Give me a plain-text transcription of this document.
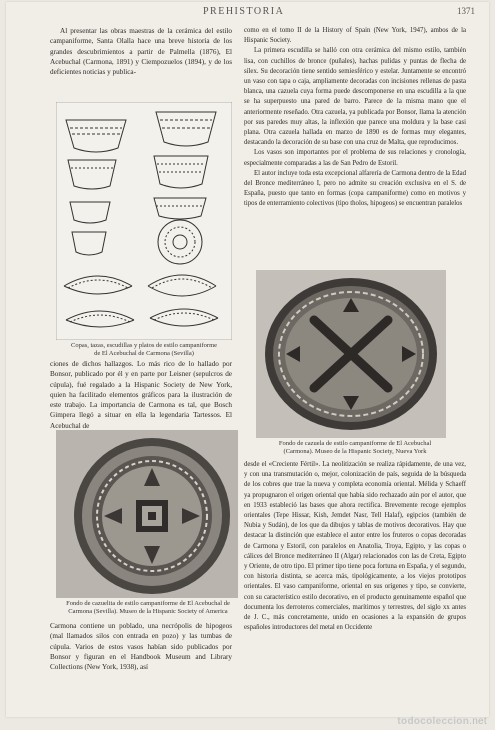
PREHISTORIA	1371

Al presentar las obras maestras de la cerámica del estilo campaniforme, Santa Olalla hace una breve historia de los grandes descubrimientos a partir de Palmella (1876), El Acebuchal (Carmona, 1891) y Ciempozuelos (1894), y de los deficientes noticias y publica-

Copas, tazas, escudillas y platos de estilo campaniforme
de El Acebuchal de Carmona (Sevilla)

ciones de dichos hallazgos. Lo más rico de lo hallado por Bonsor, publicado por él y en parte por Leisner (sepulcros de cúpula), fué regalado a la Hispanic Society de New York, quien ha facilitado elementos gráficos para la ilustración de este trabajo. La importancia de Carmona es tal, que Bosch Gimpera llegó a situar en ella la legendaria Tartessos. El Acebuchal de

Fondo de cazuelita de estilo campaniforme de El Acebuchal de
Carmona (Sevilla). Museo de la Hispanic Society of America

Carmona contiene un poblado, una necrópolis de hipogeos (mal llamados silos con entrada en pozo) y las tumbas de cúpula. Varios de estos vasos habían sido publicados por Bonsor y figuran en el Handbook Museum and Library Collections (New York, 1938), así

como en el tomo II de la History of Spain (New York, 1947), ambos de la Hispanic Society.

La primera escudilla se halló con otra cerámica del mismo estilo, también lisa, con cuchillos de bronce (puñales), hachas pulidas y puntas de flecha de sílex. Su decoración tiene sentido semiesférico y estelar. Juntamente se encontró un vaso con tapa o caja, ampliamente decoradas con incisiones rellenas de pasta blanca, una cazuela cuya forma puede descomponerse en una escudilla a la que se ha superpuesto una pared de barro. Parece de la misma mano que el anteriormente reseñado. Otra cazuela, ya publicada por Bonsor, llama la atención por sus paredes muy altas, la inflexión que parece una moldura y la base casi plana. Otra cazuela hallada en marzo de 1890 es de formas muy elegantes, destacando la decoración de su base con una cruz de Malta, que reproducimos.

Los vasos son importantes por el problema de sus relaciones y cronología, especialmente comparadas a las de San Pedro de Estoril.

El autor incluye toda esta excepcional alfarería de Carmona dentro de la Edad del Bronce mediterráneo I, pero no admite su creación exclusiva en el S. de España, puesto que tanto en formas (copa campaniforme) como en motivos y tipos de enterramiento colectivos (tipo tholos, hipogeos) se encuentran paralelos

Fondo de cazuela de estilo campaniforme de El Acebuchal
(Carmona). Museo de la Hispanic Society, Nueva York

desde el «Creciente Fértil». La neolitización se realiza rápidamente, de una vez, y con una transmutación o, mejor, colonización de país, seguida de la búsqueda de los cobres que trae la nueva y completa economía oriental. Mélida y Schaeff ya propugnaron el origen oriental que había sido rechazado aún por el autor, que en 1933 estableció las bases que ahora rectifica. Brevemente recoge ejemplos orientales (Tepe Hissar, Kish, Jemdet Nasr, Tell Halaf), egipcios (también de Nubia y Sudán), de los que da dibujos y tablas de motivos decorativos. Hay que destacar la distinción que establece el autor entre los fruteros o copas decoradas de Carmona y Estoril, con paralelos en Anatolia, Troya, Egipto, y las copas o cálices del Bronce mediterráneo II (Algar) relacionados con las de Creta, Egipto y Oriente, de otro tipo. El primer tipo tiene poca fortuna en España, y el segundo, con historia distinta, se acerca más, tipológicamente, a los viejos prototipos orientales. El vaso campaniforme, oriental en sus orígenes y tipo, se convierte, con su característico estilo decorativo, en el producto genuinamente español que documenta los derroteros comerciales, marítimos y terrestres, del siglo xx antes de J. C., más concretamente, unido en ocasiones a la expansión de grupos españoles introductores del metal en Occidente

todocoleccion.net
